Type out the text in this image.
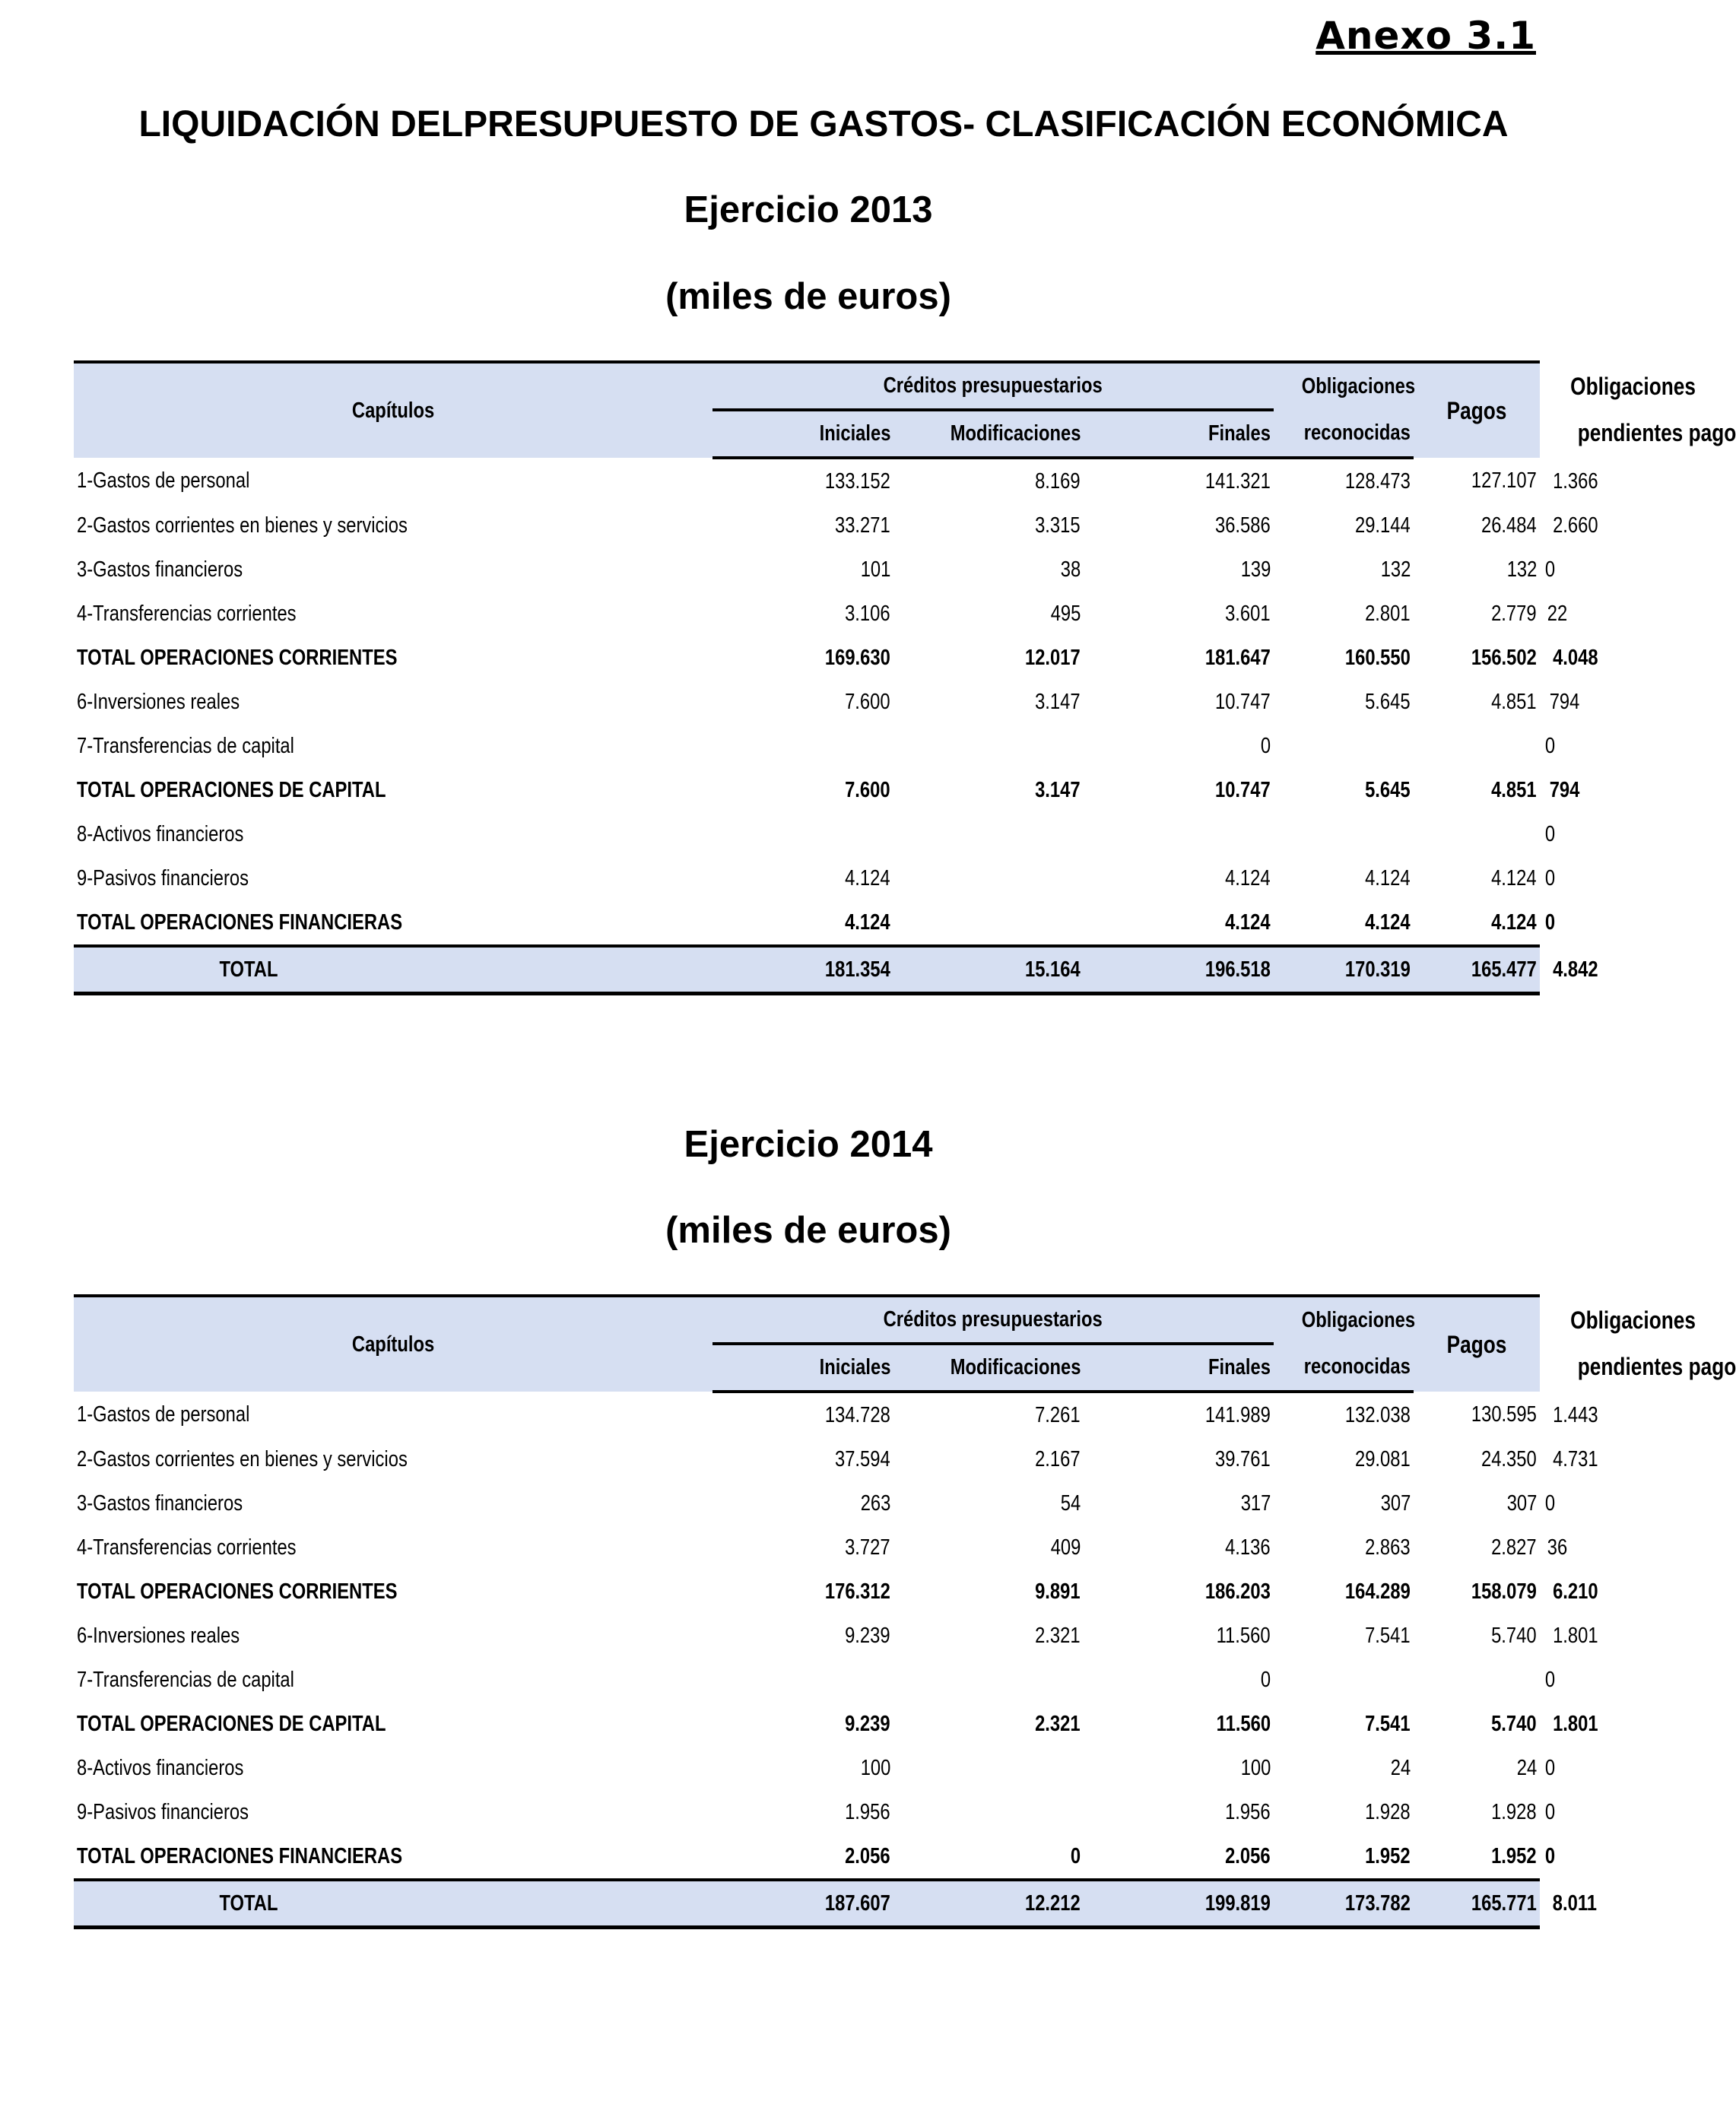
Anexo 3.1
LIQUIDACIÓN DELPRESUPUESTO DE GASTOS- CLASIFICACIÓN ECONÓMICA
Ejercicio 2013
(miles de euros)
Capítulos		Créditos presupuestarios			Obligaciones	Pagos	Obligaciones
		Iniciales	Modificaciones	Finales	reconocidas		pendientes pago
1-Gastos de personal		133.152	8.169	141.321	128.473	127.107	1.366
2-Gastos corrientes en bienes y servicios		33.271	3.315	36.586	29.144	26.484	2.660
3-Gastos financieros		101	38	139	132	132	0
4-Transferencias corrientes		3.106	495	3.601	2.801	2.779	22
TOTAL OPERACIONES CORRIENTES		169.630	12.017	181.647	160.550	156.502	4.048
6-Inversiones reales		7.600	3.147	10.747	5.645	4.851	794
7-Transferencias de capital				0			0
TOTAL OPERACIONES DE CAPITAL		7.600	3.147	10.747	5.645	4.851	794
8-Activos financieros							0
9-Pasivos financieros		4.124		4.124	4.124	4.124	0
TOTAL OPERACIONES FINANCIERAS		4.124		4.124	4.124	4.124	0
TOTAL		181.354	15.164	196.518	170.319	165.477	4.842
Ejercicio 2014
(miles de euros)
Capítulos		Créditos presupuestarios			Obligaciones	Pagos	Obligaciones
		Iniciales	Modificaciones	Finales	reconocidas		pendientes pago
1-Gastos de personal		134.728	7.261	141.989	132.038	130.595	1.443
2-Gastos corrientes en bienes y servicios		37.594	2.167	39.761	29.081	24.350	4.731
3-Gastos financieros		263	54	317	307	307	0
4-Transferencias corrientes		3.727	409	4.136	2.863	2.827	36
TOTAL OPERACIONES CORRIENTES		176.312	9.891	186.203	164.289	158.079	6.210
6-Inversiones reales		9.239	2.321	11.560	7.541	5.740	1.801
7-Transferencias de capital				0			0
TOTAL OPERACIONES DE CAPITAL		9.239	2.321	11.560	7.541	5.740	1.801
8-Activos financieros		100		100	24	24	0
9-Pasivos financieros		1.956		1.956	1.928	1.928	0
TOTAL OPERACIONES FINANCIERAS		2.056	0	2.056	1.952	1.952	0
TOTAL		187.607	12.212	199.819	173.782	165.771	8.011
